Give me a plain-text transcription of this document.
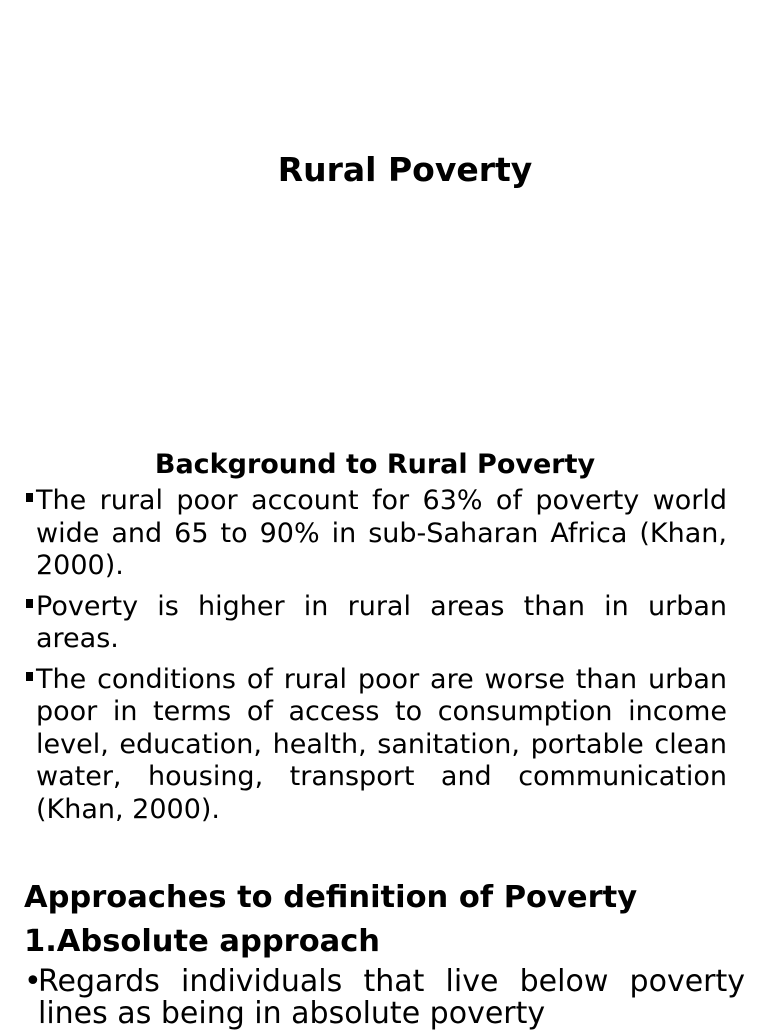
Rural Poverty
Background to Rural Poverty
The rural poor account for 63% of poverty world wide and 65 to 90% in sub-Saharan Africa (Khan, 2000).
Poverty is higher in rural areas than in urban areas.
The conditions of rural poor are worse than urban poor in terms of access to consumption income level, education, health, sanitation, portable clean water, housing, transport and communication (Khan, 2000).
Approaches to definition of Poverty
1.Absolute approach
•
Regards individuals that live below poverty lines as being in absolute poverty
